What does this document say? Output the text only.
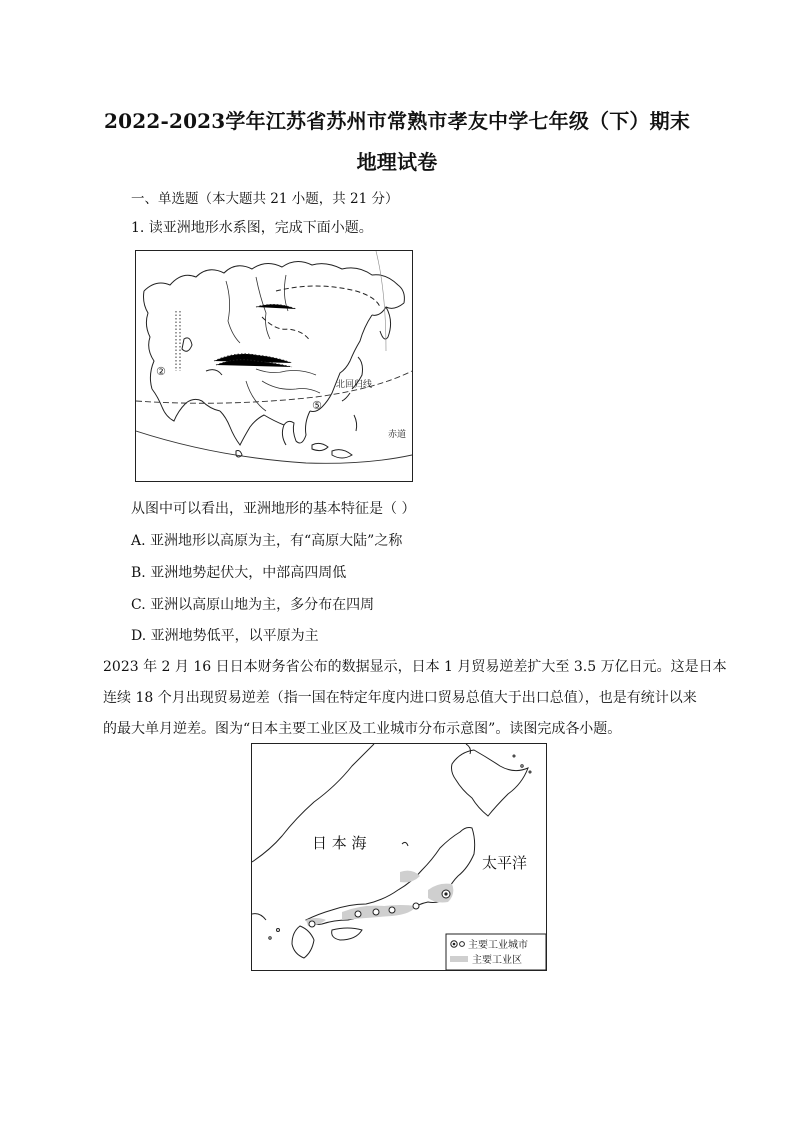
2022-2023学年江苏省苏州市常熟市孝友中学七年级（下）期末
地理试卷
一、单选题（本大题共 21 小题，共 21 分）
1. 读亚洲地形水系图，完成下面小题。
北回归线
赤道
②
⑤
从图中可以看出，亚洲地形的基本特征是（ ）
A. 亚洲地形以高原为主，有“高原大陆”之称
B. 亚洲地势起伏大，中部高四周低
C. 亚洲以高原山地为主，多分布在四周
D. 亚洲地势低平，以平原为主
2023 年 2 月 16 日日本财务省公布的数据显示，日本 1 月贸易逆差扩大至 3.5 万亿日元。这是日本
连续 18 个月出现贸易逆差（指一国在特定年度内进口贸易总值大于出口总值），也是有统计以来
的最大单月逆差。图为“日本主要工业区及工业城市分布示意图”。读图完成各小题。
日 本 海
太平洋
主要工业城市
主要工业区
